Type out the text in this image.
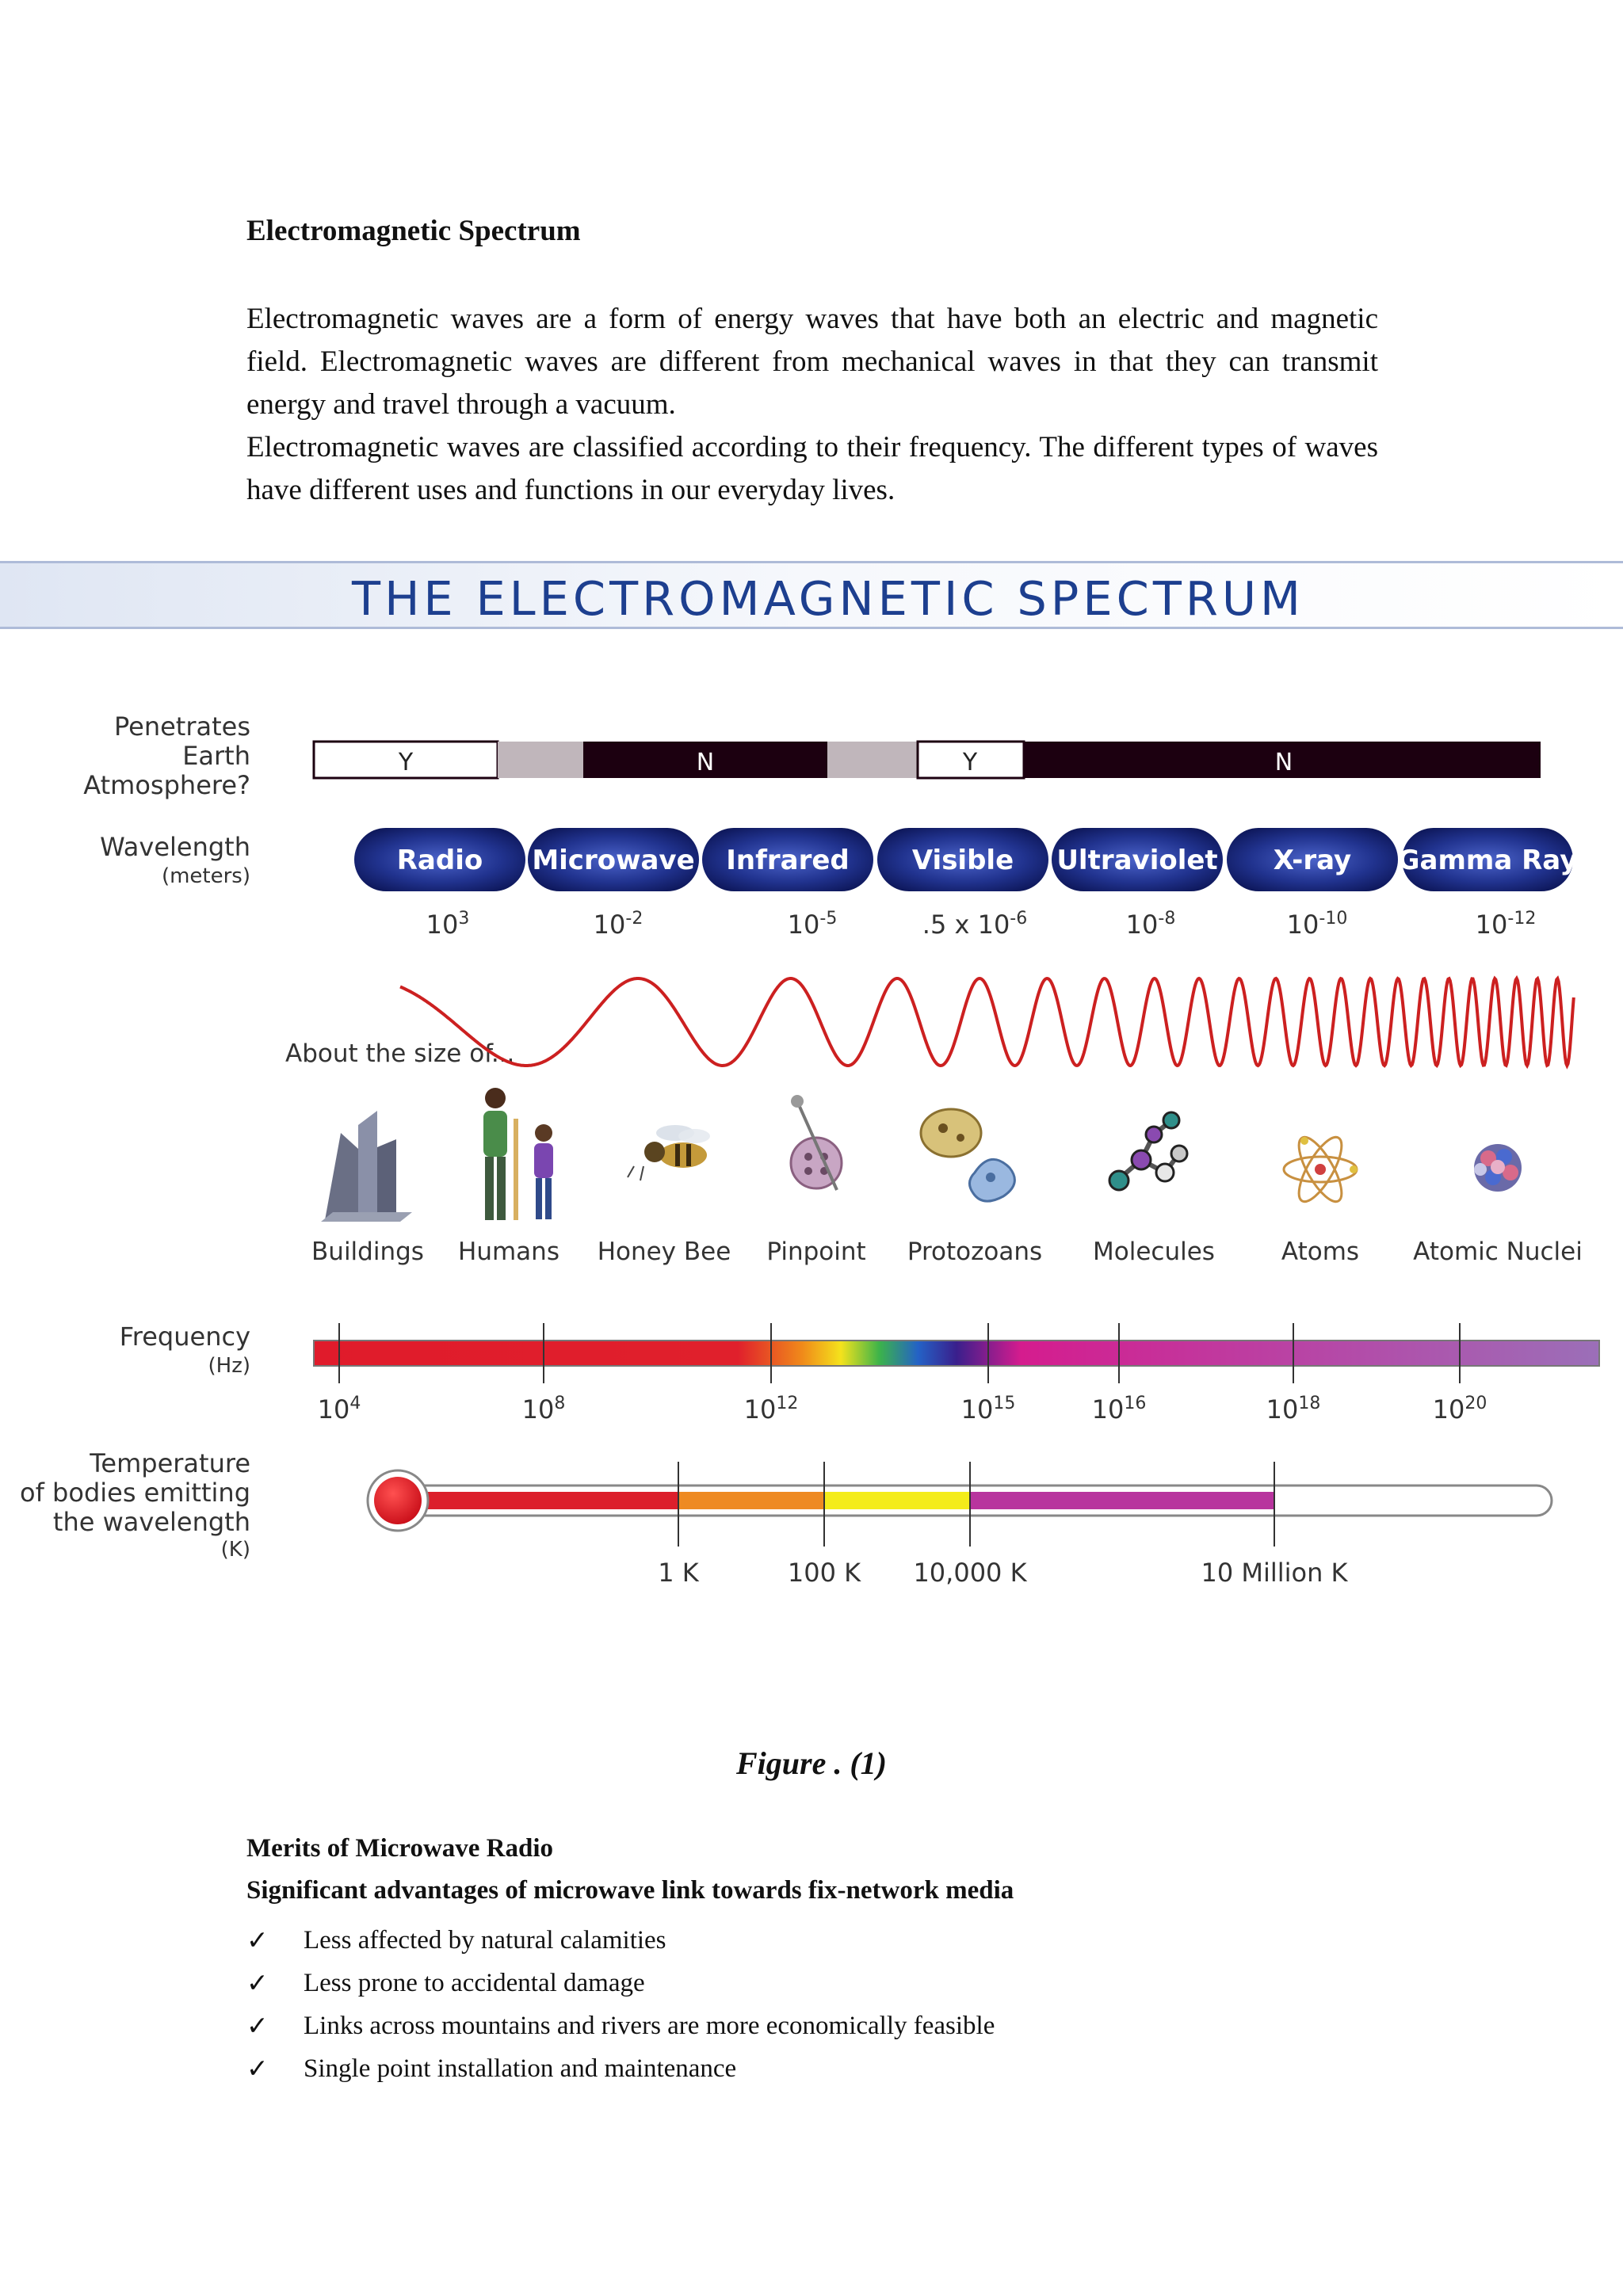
Electromagnetic Spectrum

Electromagnetic waves are a form of energy waves that have both an electric and magnetic field. Electromagnetic waves are different from mechanical waves in that they can transmit energy and travel through a vacuum.

Electromagnetic waves are classified according to their frequency. The different types of waves have different uses and functions in our everyday lives.

THE ELECTROMAGNETIC SPECTRUM
Penetrates
Earth
Atmosphere?
Y	N	Y	N
Wavelength
(meters)	Radio Microwave Infrared Visible Ultraviolet X-ray Gamma Ray
$10^3$	$10^{-2}$	$10^{-5}$	.5 x $10^{-6}$	$10^{-8}$	$10^{-10}$	$10^{-12}$
About the size of...
Buildings Humans Honey Bee Pinpoint Protozoans Molecules	Atoms Atomic Nuclei
Frequency
(Hz)
$10^4$	$10^8$	$10^{12}$	$10^{15}$	$10^{16}$	$10^{18}$	$10^{20}$
Temperature
of bodies emitting
the wavelength
(K)
1 K	100 K 10,000 K	10 Million K
Figure . (1)
Merits of Microwave Radio
Significant advantages of microwave link towards fix-network media
✓	Less affected by natural calamities
✓	Less prone to accidental damage
✓	Links across mountains and rivers are more economically feasible
✓	Single point installation and maintenance
